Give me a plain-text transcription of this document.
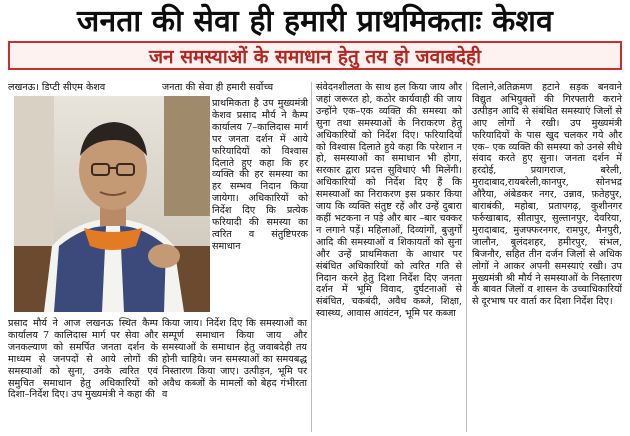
जनता की सेवा ही हमारी प्राथमिकताः केशव
जन समस्याओं के समाधान हेतु तय हो जवाबदेही

लखनऊ। डिप्टी सीएम केशव

प्रसाद मौर्य ने आज लखनऊ स्थित कैम्प कार्यालय 7 कालिदास मार्ग पर सेवा और जनकल्याण को समर्पित जनता दर्शन के माध्यम से जनपदों से आये लोगों की समस्याओं को सुना, उनके त्वरित एवं समुचित समाधान हेतु अधिकारियों को दिशा–निर्देश दिए। उप मुख्यमंत्री ने कहा की

जनता की सेवा ही हमारी सर्वोच्च

प्राथमिकता है उप मुख्यमंत्री केशव प्रसाद मौर्य ने कैम्प कार्यालय 7–कालिदास मार्ग पर जनता दर्शन में आये फरियादियों को विश्वास दिलाते हुए कहा कि हर व्यक्ति की हर समस्या का हर सम्भव निदान किया जायेगा। अधिकारियों को निर्देश दिए कि प्रत्येक फरियादी की समस्या का त्वरित व संतुष्टिपरक समाधान

किया जाय। निर्देश दिए कि समस्याओं का सम्पूर्ण समाधान किया जाय और समस्याओं के समाधान हेतु जवाबदेही तय होनी चाहिये। जन समस्याओं का समयबद्ध निस्तारण किया जाए। उत्पीड़न, भूमि पर अवैध कब्जों के मामलों को बेहद गंभीरता व

संवेदनशीलता के साथ हल किया जाय और जहां जरूरत हो, कठोर कार्यवाही की जाय उन्होंने एक–एक व्यक्ति की समस्या को सुना तथा समस्याओं के निराकरण हेतु अधिकारियों को निर्देश दिए। फरियादियों को विश्वास दिलाते हुये कहा कि परेशान न हो, समस्याओं का समाधान भी होगा, सरकार द्वारा प्रदत्त सुविधाएं भी मिलेंगी। अधिकारियों को निर्देश दिए हैं कि समस्याओं का निराकरण इस प्रकार किया जाय कि व्यक्ति संतुष्ट रहें और उन्हें दुबारा कहीं भटकना न पड़े और बार –बार चक्कर न लगाने पड़ें। महिलाओं, दिव्यांगों, बुजुर्गों आदि की समस्याओं व शिकायतों को सुना और उन्हें प्राथमिकता के आधार पर संबंधित अधिकारियों को त्वरित गति से निदान करने हेतु दिशा निर्देश दिए जनता दर्शन में भूमि विवाद, दुर्घटनाओं से संबंधित, चकबंदी, अवैध कब्जे, शिक्षा, स्वास्थ्य, आवास आवंटन, भूमि पर कब्जा

दिलाने,अतिक्रमण हटाने सड़क बनवाने विद्युत अभियुक्तों की गिरफ्तारी कराने उत्पीड़न आदि से संबंधित समस्याएं जिलों से आए लोगों ने रखी। उप मुख्यमंत्री फरियादियों के पास खुद चलकर गये और एक– एक व्यक्ति की समस्या को उनसे सीधे संवाद करते हुए सुना। जनता दर्शन में हरदोई, प्रयागराज, बरेली, मुरादाबाद,रायबरेली,कानपुर, सोनभद्र औरैया, अंबेडकर नगर, उन्नाव, फ़तेहपुर, बाराबंकी, महोबा, प्रतापगढ़, कुशीनगर फर्रुखाबाद, सीतापुर, सुल्तानपुर, देवरिया, मुरादाबाद, मुजफ्फरनगर, रामपुर, मैनपुरी, जालौन, बुलंदशहर, हमीरपुर, संभल, बिजनौर, सहित तीन दर्जन जिलों से अधिक लोगों ने आकर अपनी समस्याएं रखी। उप मुख्यमंत्री श्री मौर्य ने समस्याओं के निस्तारण के बावत जिलों व शासन के उच्चाधिकारियों से दूरभाष पर वार्ता कर दिशा निर्देश दिए।
